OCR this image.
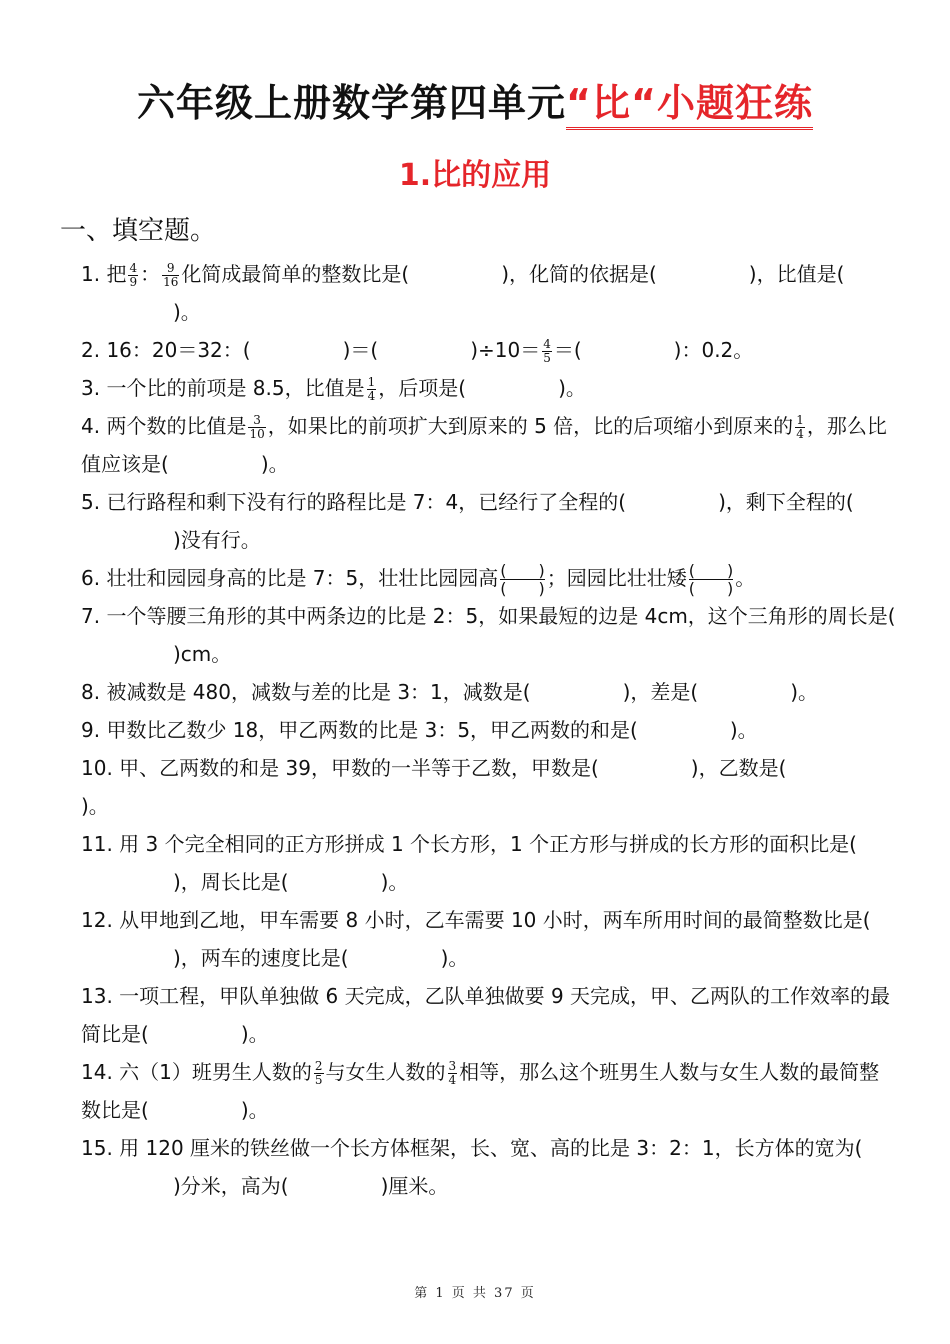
六年级上册数学第四单元“比“小题狂练
1.比的应用
一、填空题。

1. 把 $\frac{4}{9}$ ： $\frac{9}{16}$ 化简成最简单的整数比是(	)，化简的依据是(	)，比值是()。

2. 16：20＝32：(	)＝(	)$\div 10= \frac{4}{5}$ ＝(	)：0.2。

3. 一个比的前项是 8.5，比值是 $\frac{1}{4}$ ，后项是(	)。

4. 两个数的比值是 $\frac{3}{10}$ ，如果比的前项扩大到原来的 5 倍，比的后项缩小到原来的 $\frac{1}{4}$ ，那么比值应该是(	)。

5. 已行路程和剩下没有行的路程比是 7：4，已经行了全程的(	)，剩下全程的()没有行。

6. 壮壮和园园身高的比是 7：5，壮壮比园园高 $\frac{( )}{( )}$ ；园园比壮壮矮 $\frac{( )}{( )}$ 。

7. 一个等腰三角形的其中两条边的比是 2：5，如果最短的边是 4cm，这个三角形的周长是()cm。

8. 被减数是 480，减数与差的比是 3：1，减数是(	)，差是(	)。

9. 甲数比乙数少 18，甲乙两数的比是 3：5，甲乙两数的和是(	)。

10. 甲、乙两数的和是 39，甲数的一半等于乙数，甲数是(	)，乙数是()。

11. 用 3 个完全相同的正方形拼成 1 个长方形，1 个正方形与拼成的长方形的面积比是()，周长比是(	)。

12. 从甲地到乙地，甲车需要 8 小时，乙车需要 10 小时，两车所用时间的最简整数比是()，两车的速度比是(	)。

13. 一项工程，甲队单独做 6 天完成，乙队单独做要 9 天完成，甲、乙两队的工作效率的最简比是(	)。

14. 六（1）班男生人数的 $\frac{2}{5}$ 与女生人数的 $\frac{3}{4}$ 相等，那么这个班男生人数与女生人数的最简整数比是(	)。

15. 用 120 厘米的铁丝做一个长方体框架，长、宽、高的比是 3：2：1，长方体的宽为()分米，高为(	)厘米。

第 1 页 共 37 页
